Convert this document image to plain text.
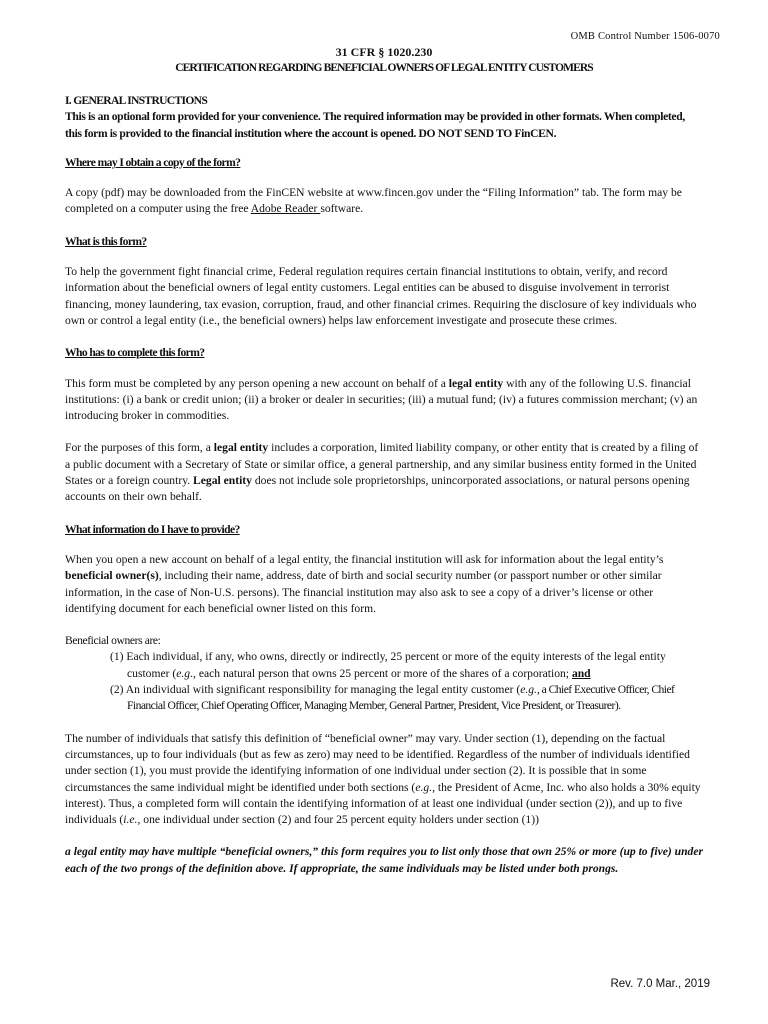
OMB Control Number 1506-0070
31 CFR § 1020.230
CERTIFICATION REGARDING BENEFICIAL OWNERS OF LEGAL ENTITY CUSTOMERS

I. GENERAL INSTRUCTIONS

This is an optional form provided for your convenience. The required information may be provided in other formats. When completed, this form is provided to the financial institution where the account is opened. DO NOT SEND TO FinCEN.

Where may I obtain a copy of the form?

A copy (pdf) may be downloaded from the FinCEN website at www.fincen.gov under the “Filing Information” tab. The form may be completed on a computer using the free Adobe Reader software.

What is this form?

To help the government fight financial crime, Federal regulation requires certain financial institutions to obtain, verify, and record information about the beneficial owners of legal entity customers. Legal entities can be abused to disguise involvement in terrorist financing, money laundering, tax evasion, corruption, fraud, and other financial crimes. Requiring the disclosure of key individuals who own or control a legal entity (i.e., the beneficial owners) helps law enforcement investigate and prosecute these crimes.

Who has to complete this form?

This form must be completed by any person opening a new account on behalf of a legal entity with any of the following U.S. financial institutions: (i) a bank or credit union; (ii) a broker or dealer in securities; (iii) a mutual fund; (iv) a futures commission merchant; (v) an introducing broker in commodities.

For the purposes of this form, a legal entity includes a corporation, limited liability company, or other entity that is created by a filing of a public document with a Secretary of State or similar office, a general partnership, and any similar business entity formed in the United States or a foreign country. Legal entity does not include sole proprietorships, unincorporated associations, or natural persons opening accounts on their own behalf.

What information do I have to provide?

When you open a new account on behalf of a legal entity, the financial institution will ask for information about the legal entity’s beneficial owner(s), including their name, address, date of birth and social security number (or passport number or other similar information, in the case of Non-U.S. persons). The financial institution may also ask to see a copy of a driver’s license or other identifying document for each beneficial owner listed on this form.

Beneficial owners are:

(1) Each individual, if any, who owns, directly or indirectly, 25 percent or more of the equity interests of the legal entity customer (e.g., each natural person that owns 25 percent or more of the shares of a corporation; and

(2) An individual with significant responsibility for managing the legal entity customer (e.g., a Chief Executive Officer, Chief Financial Officer, Chief Operating Officer, Managing Member, General Partner, President, Vice President, or Treasurer).

The number of individuals that satisfy this definition of “beneficial owner” may vary. Under section (1), depending on the factual circumstances, up to four individuals (but as few as zero) may need to be identified. Regardless of the number of individuals identified under section (1), you must provide the identifying information of one individual under section (2). It is possible that in some circumstances the same individual might be identified under both sections (e.g., the President of Acme, Inc. who also holds a 30% equity interest). Thus, a completed form will contain the identifying information of at least one individual (under section (2)), and up to five individuals (i.e., one individual under section (2) and four 25 percent equity holders under section (1))

a legal entity may have multiple “beneficial owners,” this form requires you to list only those that own 25% or more (up to five) under each of the two prongs of the definition above. If appropriate, the same individuals may be listed under both prongs.

Rev. 7.0 Mar., 2019
